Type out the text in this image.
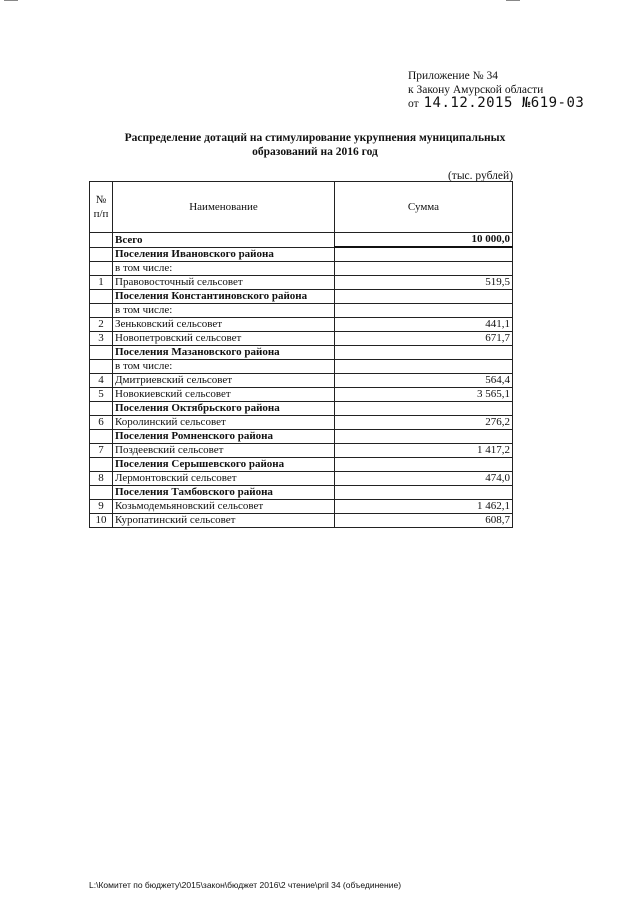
Приложение № 34
к Закону Амурской области
от 14.12.2015 №619-03
Распределение дотаций на стимулирование укрупнения муниципальных
образований на 2016 год
(тыс. рублей)
№ п/п	Наименование	Сумма
	Всего	10 000,0
	Поселения Ивановского района	
	в том числе:	
1	Правовосточный сельсовет	519,5
	Поселения Константиновского района	
	в том числе:	
2	Зеньковский сельсовет	441,1
3	Новопетровский сельсовет	671,7
	Поселения Мазановского района	
	в том числе:	
4	Дмитриевский сельсовет	564,4
5	Новокиевский сельсовет	3 565,1
	Поселения Октябрьского района	
6	Королинский сельсовет	276,2
	Поселения Ромненского района	
7	Поздеевский сельсовет	1 417,2
	Поселения Серышевского района	
8	Лермонтовский сельсовет	474,0
	Поселения Тамбовского района	
9	Козьмодемьяновский сельсовет	1 462,1
10	Куропатинский сельсовет	608,7
L:\Комитет по бюджету\2015\закон\бюджет 2016\2 чтение\pril 34 (объединение)
